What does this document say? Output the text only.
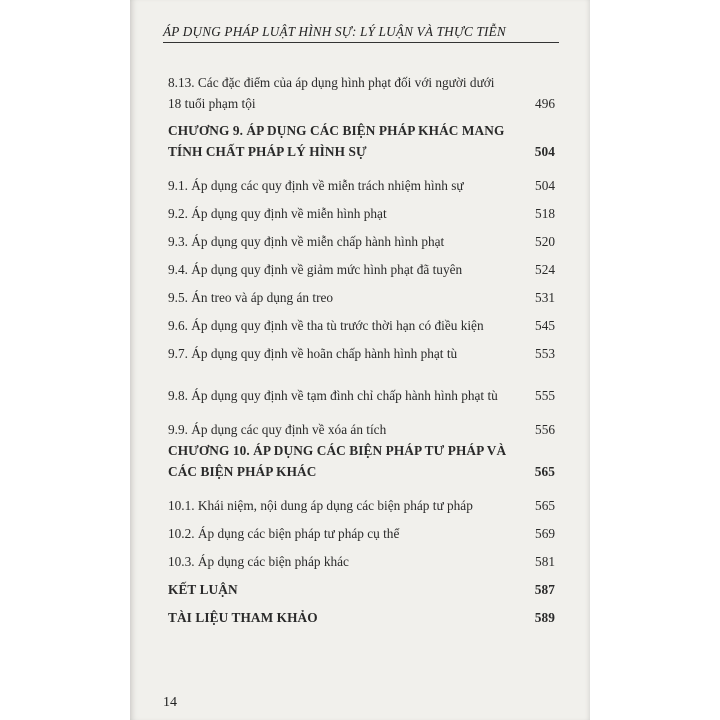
ÁP DỤNG PHÁP LUẬT HÌNH SỰ: LÝ LUẬN VÀ THỰC TIỄN
8.13. Các đặc điểm của áp dụng hình phạt đối với người dưới 18 tuổi phạm tội	496
CHƯƠNG 9. ÁP DỤNG CÁC BIỆN PHÁP KHÁC MANG TÍNH CHẤT PHÁP LÝ HÌNH SỰ	504
9.1. Áp dụng các quy định về miễn trách nhiệm hình sự	504
9.2. Áp dụng quy định về miễn hình phạt	518
9.3. Áp dụng quy định về miễn chấp hành hình phạt	520
9.4. Áp dụng quy định về giảm mức hình phạt đã tuyên	524
9.5. Án treo và áp dụng án treo	531
9.6. Áp dụng quy định về tha tù trước thời hạn có điều kiện	545
9.7. Áp dụng quy định về hoãn chấp hành hình phạt tù	553
9.8. Áp dụng quy định về tạm đình chỉ chấp hành hình phạt tù	555
9.9. Áp dụng các quy định về xóa án tích	556
CHƯƠNG 10. ÁP DỤNG CÁC BIỆN PHÁP TƯ PHÁP VÀ CÁC BIỆN PHÁP KHÁC	565
10.1. Khái niệm, nội dung áp dụng các biện pháp tư pháp	565
10.2. Áp dụng các biện pháp tư pháp cụ thể	569
10.3. Áp dụng các biện pháp khác	581
KẾT LUẬN	587
TÀI LIỆU THAM KHẢO	589
14
